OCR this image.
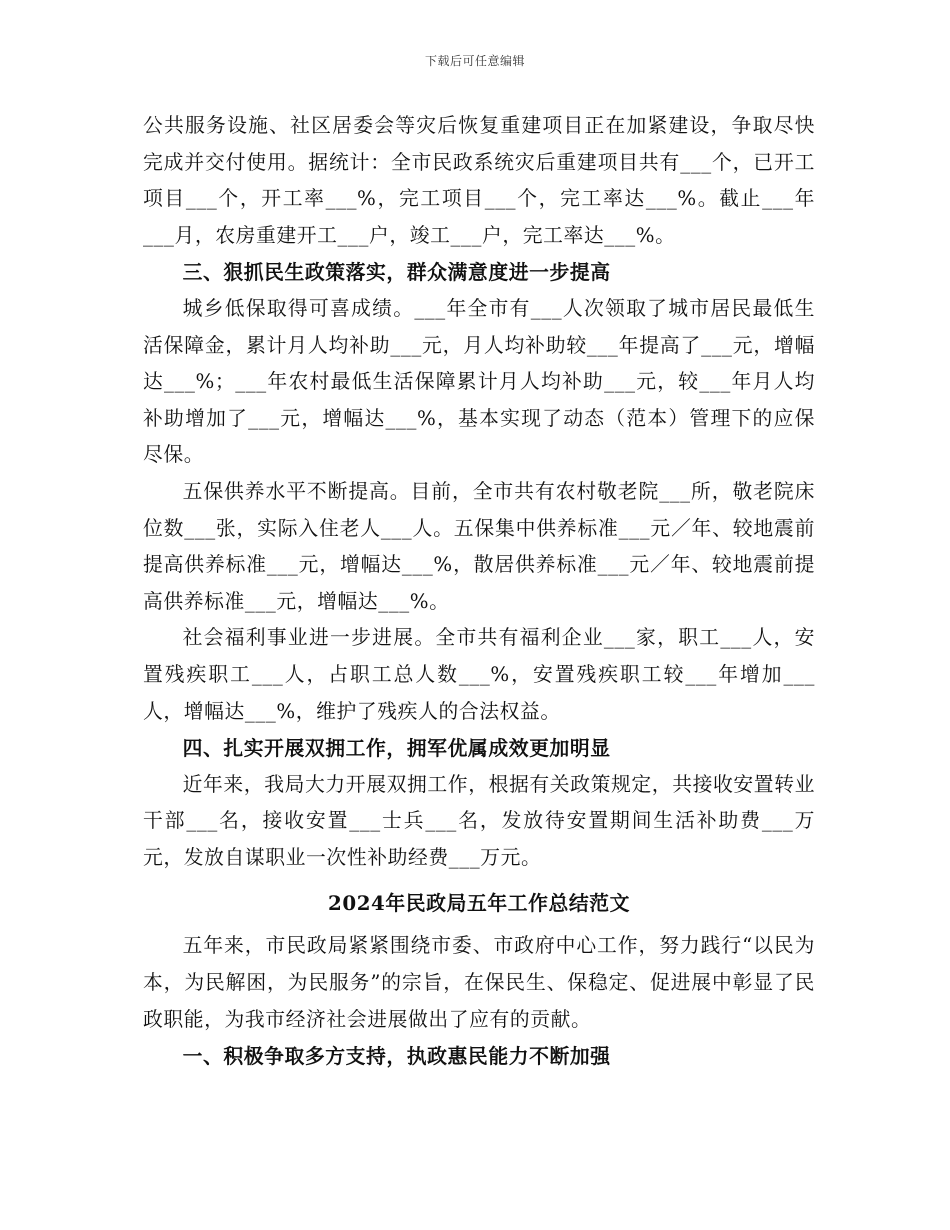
下载后可任意编辑

公共服务设施、社区居委会等灾后恢复重建项目正在加紧建设，争取尽快完成并交付使用。据统计：全市民政系统灾后重建项目共有___个，已开工项目___个，开工率___%，完工项目___个，完工率达___%。截止___年___月，农房重建开工___户，竣工___户，完工率达___%。

三、狠抓民生政策落实，群众满意度进一步提高

城乡低保取得可喜成绩。___年全市有___人次领取了城市居民最低生活保障金，累计月人均补助___元，月人均补助较___年提高了___元，增幅达___%；___年农村最低生活保障累计月人均补助___元，较___年月人均补助增加了___元，增幅达___%，基本实现了动态（范本）管理下的应保尽保。

五保供养水平不断提高。目前，全市共有农村敬老院___所，敬老院床位数___张，实际入住老人___人。五保集中供养标准___元／年、较地震前提高供养标准___元，增幅达___%，散居供养标准___元／年、较地震前提高供养标准___元，增幅达___%。

社会福利事业进一步进展。全市共有福利企业___家，职工___人，安置残疾职工___人，占职工总人数___%，安置残疾职工较___年增加___人，增幅达___%，维护了残疾人的合法权益。

四、扎实开展双拥工作，拥军优属成效更加明显

近年来，我局大力开展双拥工作，根据有关政策规定，共接收安置转业干部___名，接收安置___士兵___名，发放待安置期间生活补助费___万元，发放自谋职业一次性补助经费___万元。

2024年民政局五年工作总结范文

五年来，市民政局紧紧围绕市委、市政府中心工作，努力践行“以民为本，为民解困，为民服务”的宗旨，在保民生、保稳定、促进展中彰显了民政职能，为我市经济社会进展做出了应有的贡献。

一、积极争取多方支持，执政惠民能力不断加强
